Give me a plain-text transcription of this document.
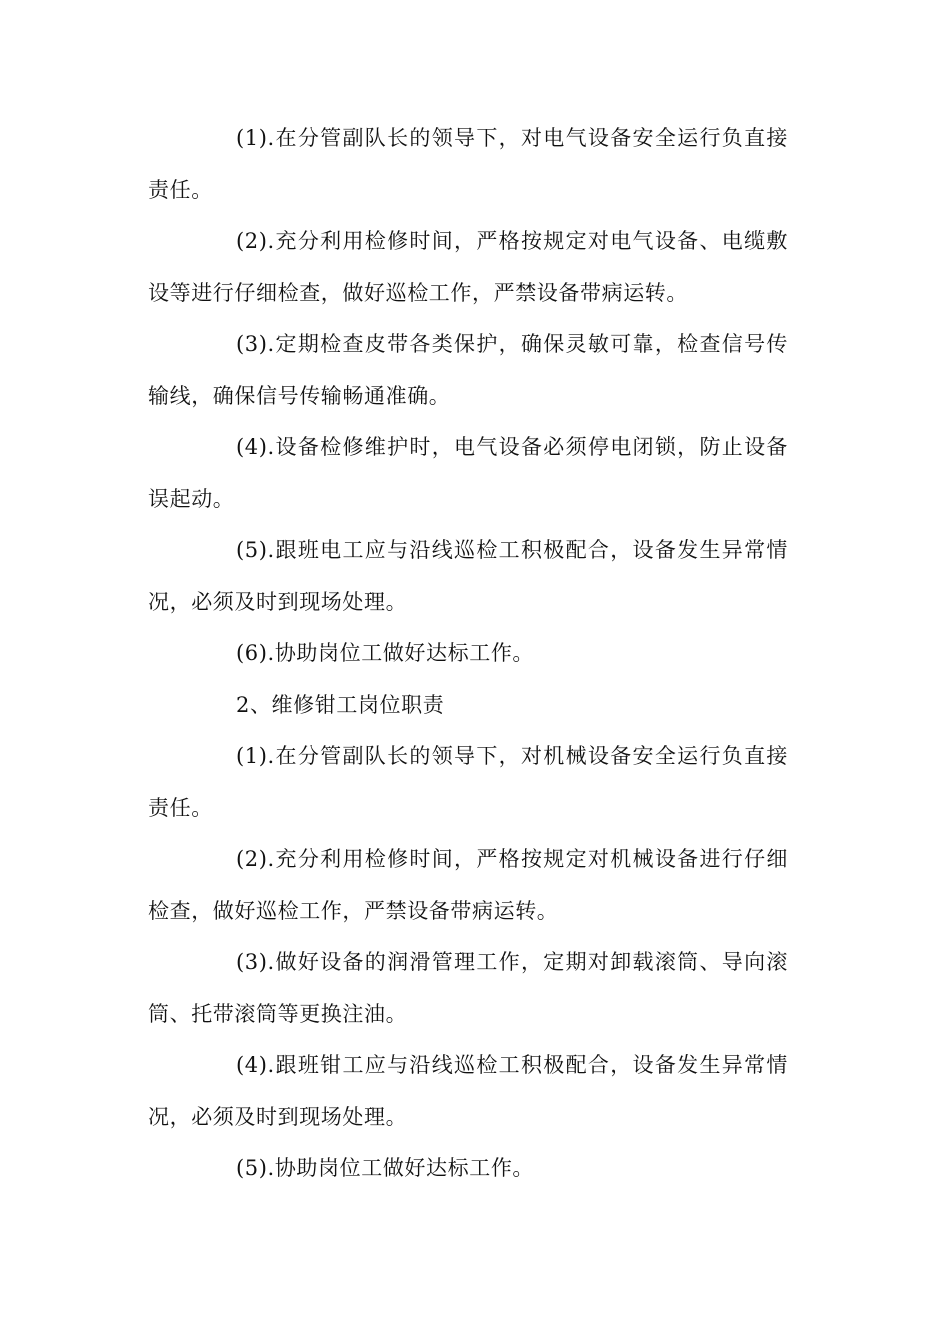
(1).在分管副队长的领导下，对电气设备安全运行负直接责任。

(2).充分利用检修时间，严格按规定对电气设备、电缆敷设等进行仔细检查，做好巡检工作，严禁设备带病运转。

(3).定期检查皮带各类保护，确保灵敏可靠，检查信号传输线，确保信号传输畅通准确。

(4).设备检修维护时，电气设备必须停电闭锁，防止设备误起动。

(5).跟班电工应与沿线巡检工积极配合，设备发生异常情况，必须及时到现场处理。

(6).协助岗位工做好达标工作。

2、维修钳工岗位职责

(1).在分管副队长的领导下，对机械设备安全运行负直接责任。

(2).充分利用检修时间，严格按规定对机械设备进行仔细检查，做好巡检工作，严禁设备带病运转。

(3).做好设备的润滑管理工作，定期对卸载滚筒、导向滚筒、托带滚筒等更换注油。

(4).跟班钳工应与沿线巡检工积极配合，设备发生异常情况，必须及时到现场处理。

(5).协助岗位工做好达标工作。
